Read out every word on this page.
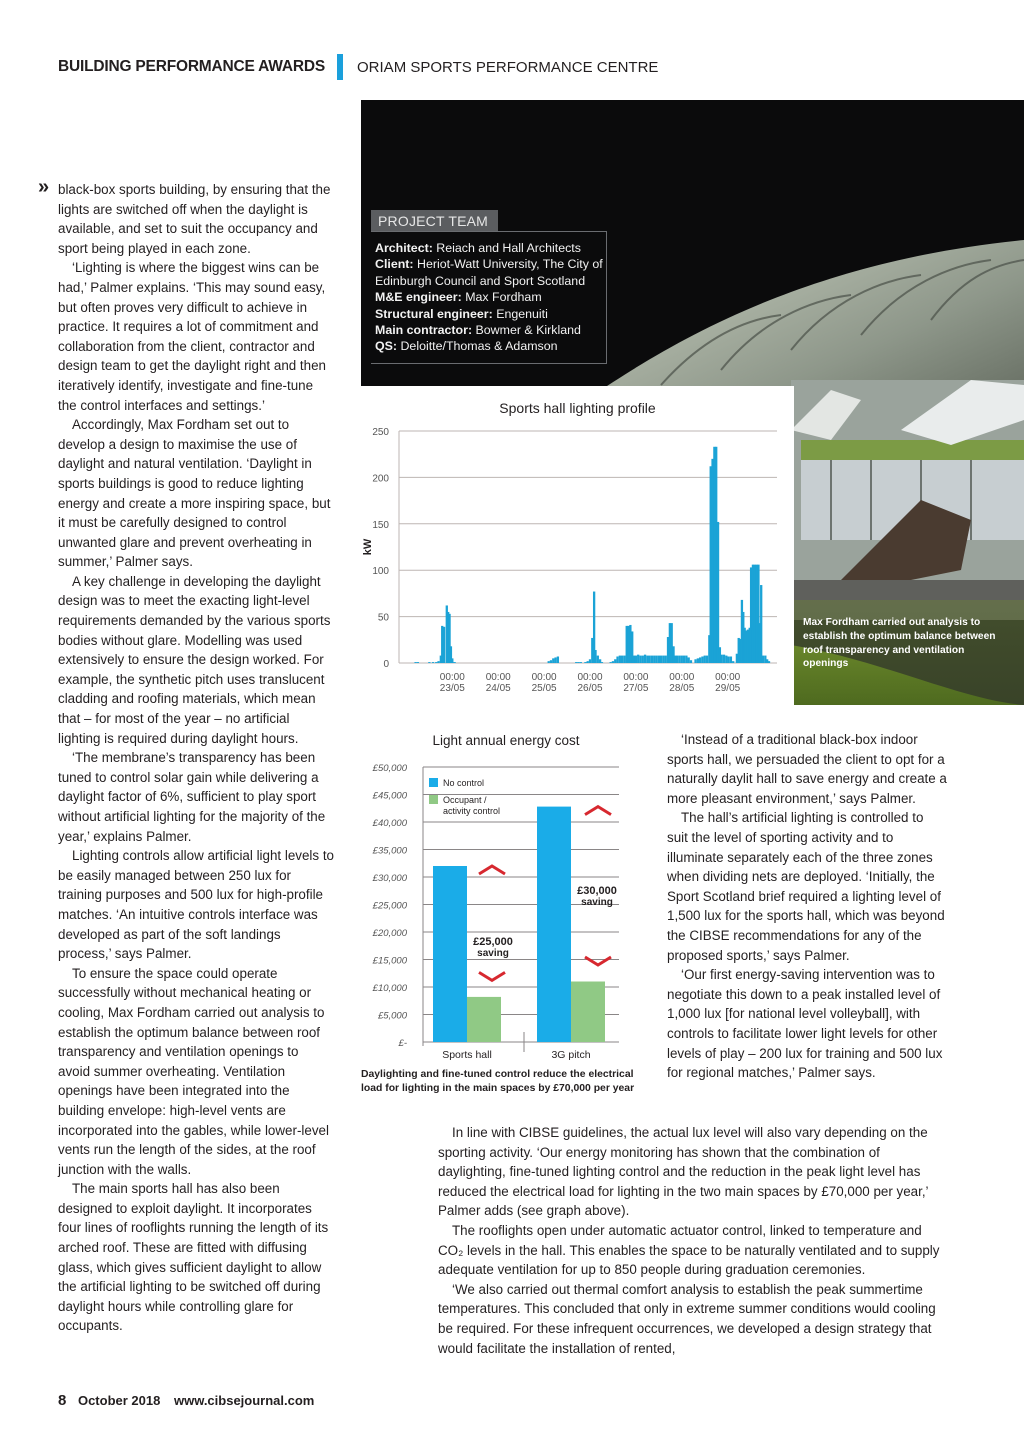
BUILDING PERFORMANCE AWARDS ORIAM SPORTS PERFORMANCE CENTRE
PROJECT TEAM
Architect: Reiach and Hall Architects
Client: Heriot-Watt University, The City of Edinburgh Council and Sport Scotland
M&E engineer: Max Fordham
Structural engineer: Engenuiti
Main contractor: Bowmer & Kirkland
QS: Deloitte/Thomas & Adamson
Sports hall lighting profile
0
50
100
150
200
250
kW
00:00
23/05
00:00
24/05
00:00
25/05
00:00
26/05
00:00
27/05
00:00
28/05
00:00
29/05
Max Fordham carried out analysis to establish the optimum balance between roof transparency and ventilation openings
Light annual energy cost
£-
£5,000
£10,000
£15,000
£20,000
£25,000
£30,000
£35,000
£40,000
£45,000
£50,000
Sports hall	3G pitch
No control
Occupant /
activity control
£25,000
saving
£30,000
saving
Daylighting and fine-tuned control reduce the electrical load for lighting in the main spaces by £70,000 per year
» black-box sports building, by ensuring that the lights are switched off when the daylight is available, and set to suit the occupancy and sport being played in each zone.

‘Lighting is where the biggest wins can be had,’ Palmer explains. ‘This may sound easy, but often proves very difficult to achieve in practice. It requires a lot of commitment and collaboration from the client, contractor and design team to get the daylight right and then iteratively identify, investigate and fine-tune the control interfaces and settings.’

Accordingly, Max Fordham set out to develop a design to maximise the use of daylight and natural ventilation. ‘Daylight in sports buildings is good to reduce lighting energy and create a more inspiring space, but it must be carefully designed to control unwanted glare and prevent overheating in summer,’ Palmer says.

A key challenge in developing the daylight design was to meet the exacting light-level requirements demanded by the various sports bodies without glare. Modelling was used extensively to ensure the design worked. For example, the synthetic pitch uses translucent cladding and roofing materials, which mean that – for most of the year – no artificial lighting is required during daylight hours.

‘The membrane’s transparency has been tuned to control solar gain while delivering a daylight factor of 6%, sufficient to play sport without artificial lighting for the majority of the year,’ explains Palmer.

Lighting controls allow artificial light levels to be easily managed between 250 lux for training purposes and 500 lux for high-profile matches. ‘An intuitive controls interface was developed as part of the soft landings process,’ says Palmer.

To ensure the space could operate successfully without mechanical heating or cooling, Max Fordham carried out analysis to establish the optimum balance between roof transparency and ventilation openings to avoid summer overheating. Ventilation openings have been integrated into the building envelope: high-level vents are incorporated into the gables, while lower-level vents run the length of the sides, at the roof junction with the walls.

The main sports hall has also been designed to exploit daylight. It incorporates four lines of rooflights running the length of its arched roof. These are fitted with diffusing glass, which gives sufficient daylight to allow the artificial lighting to be switched off during daylight hours while controlling glare for occupants.

‘Instead of a traditional black-box indoor sports hall, we persuaded the client to opt for a naturally daylit hall to save energy and create a more pleasant environment,’ says Palmer.

The hall’s artificial lighting is controlled to suit the level of sporting activity and to illuminate separately each of the three zones when dividing nets are deployed. ‘Initially, the Sport Scotland brief required a lighting level of 1,500 lux for the sports hall, which was beyond the CIBSE recommendations for any of the proposed sports,’ says Palmer.

‘Our first energy-saving intervention was to negotiate this down to a peak installed level of 1,000 lux [for national level volleyball], with controls to facilitate lower light levels for other levels of play – 200 lux for training and 500 lux for regional matches,’ Palmer says.

In line with CIBSE guidelines, the actual lux level will also vary depending on the sporting activity. ‘Our energy monitoring has shown that the combination of daylighting, fine-tuned lighting control and the reduction in the peak light level has reduced the electrical load for lighting in the two main spaces by £70,000 per year,’ Palmer adds (see graph above).

The rooflights open under automatic actuator control, linked to temperature and CO₂ levels in the hall. This enables the space to be naturally ventilated and to supply adequate ventilation for up to 850 people during graduation ceremonies.

‘We also carried out thermal comfort analysis to establish the peak summertime temperatures. This concluded that only in extreme summer conditions would cooling be required. For these infrequent occurrences, we developed a design strategy that would facilitate the installation of rented,

8 October 2018 www.cibsejournal.com
